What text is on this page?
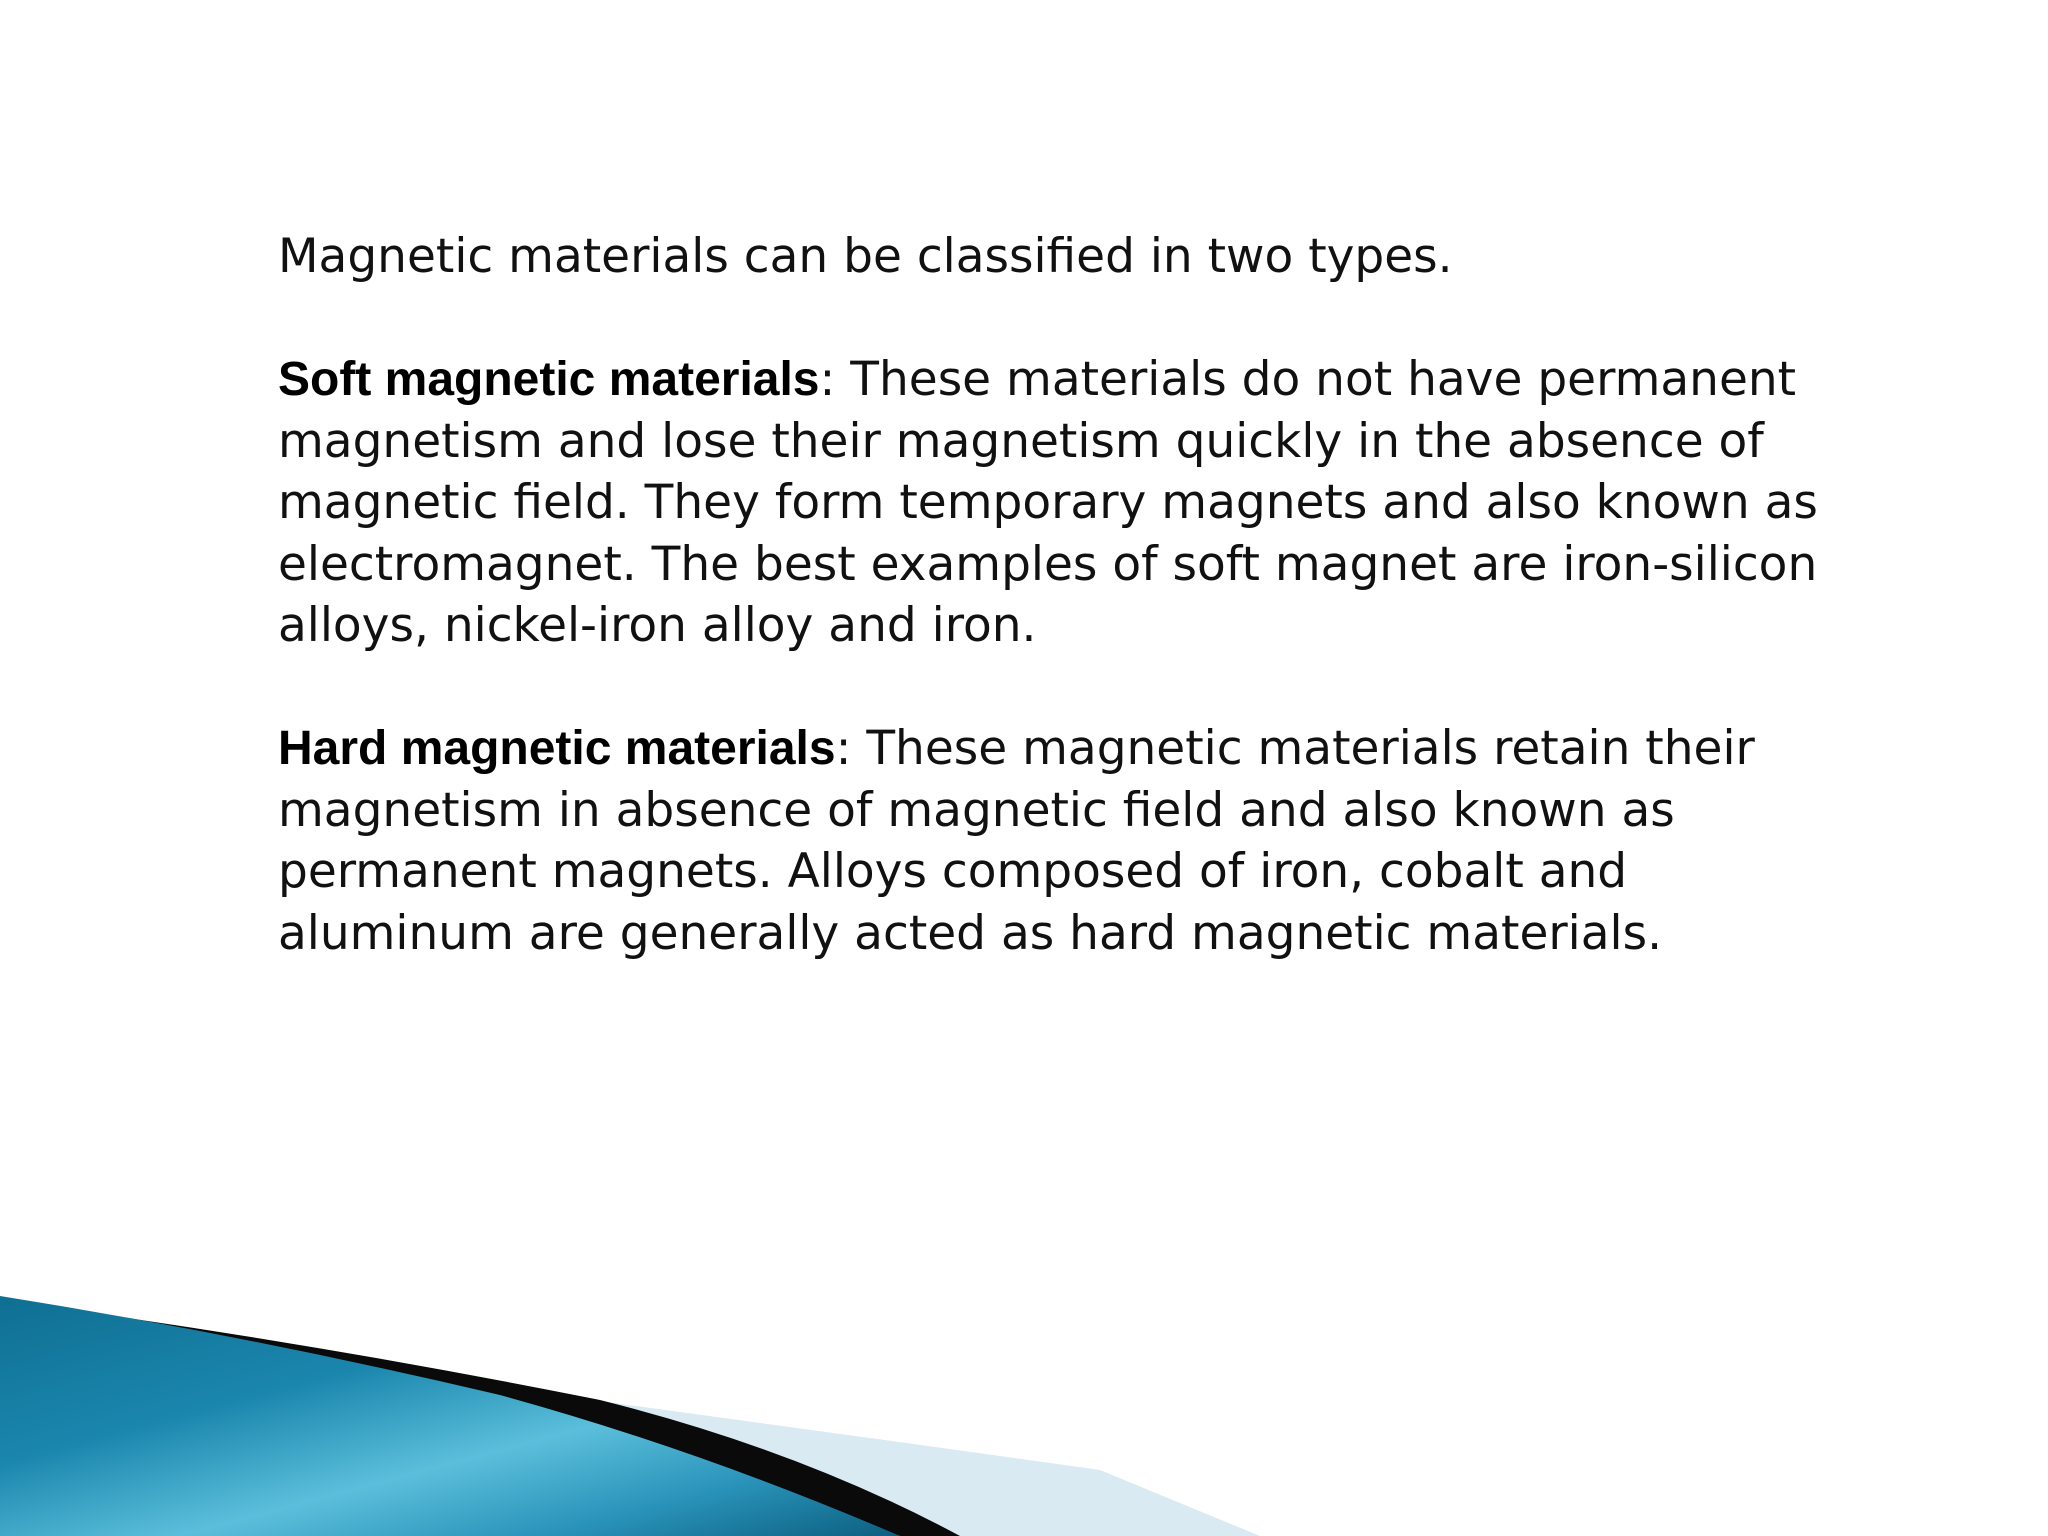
Magnetic materials can be classified in two types.

Soft magnetic materials: These materials do not have permanent magnetism and lose their magnetism quickly in the absence of magnetic field. They form temporary magnets and also known as electromagnet. The best examples of soft magnet are iron-silicon alloys, nickel-iron alloy and iron.

Hard magnetic materials: These magnetic materials retain their magnetism in absence of magnetic field and also known as permanent magnets. Alloys composed of iron, cobalt and aluminum are generally acted as hard magnetic materials.
